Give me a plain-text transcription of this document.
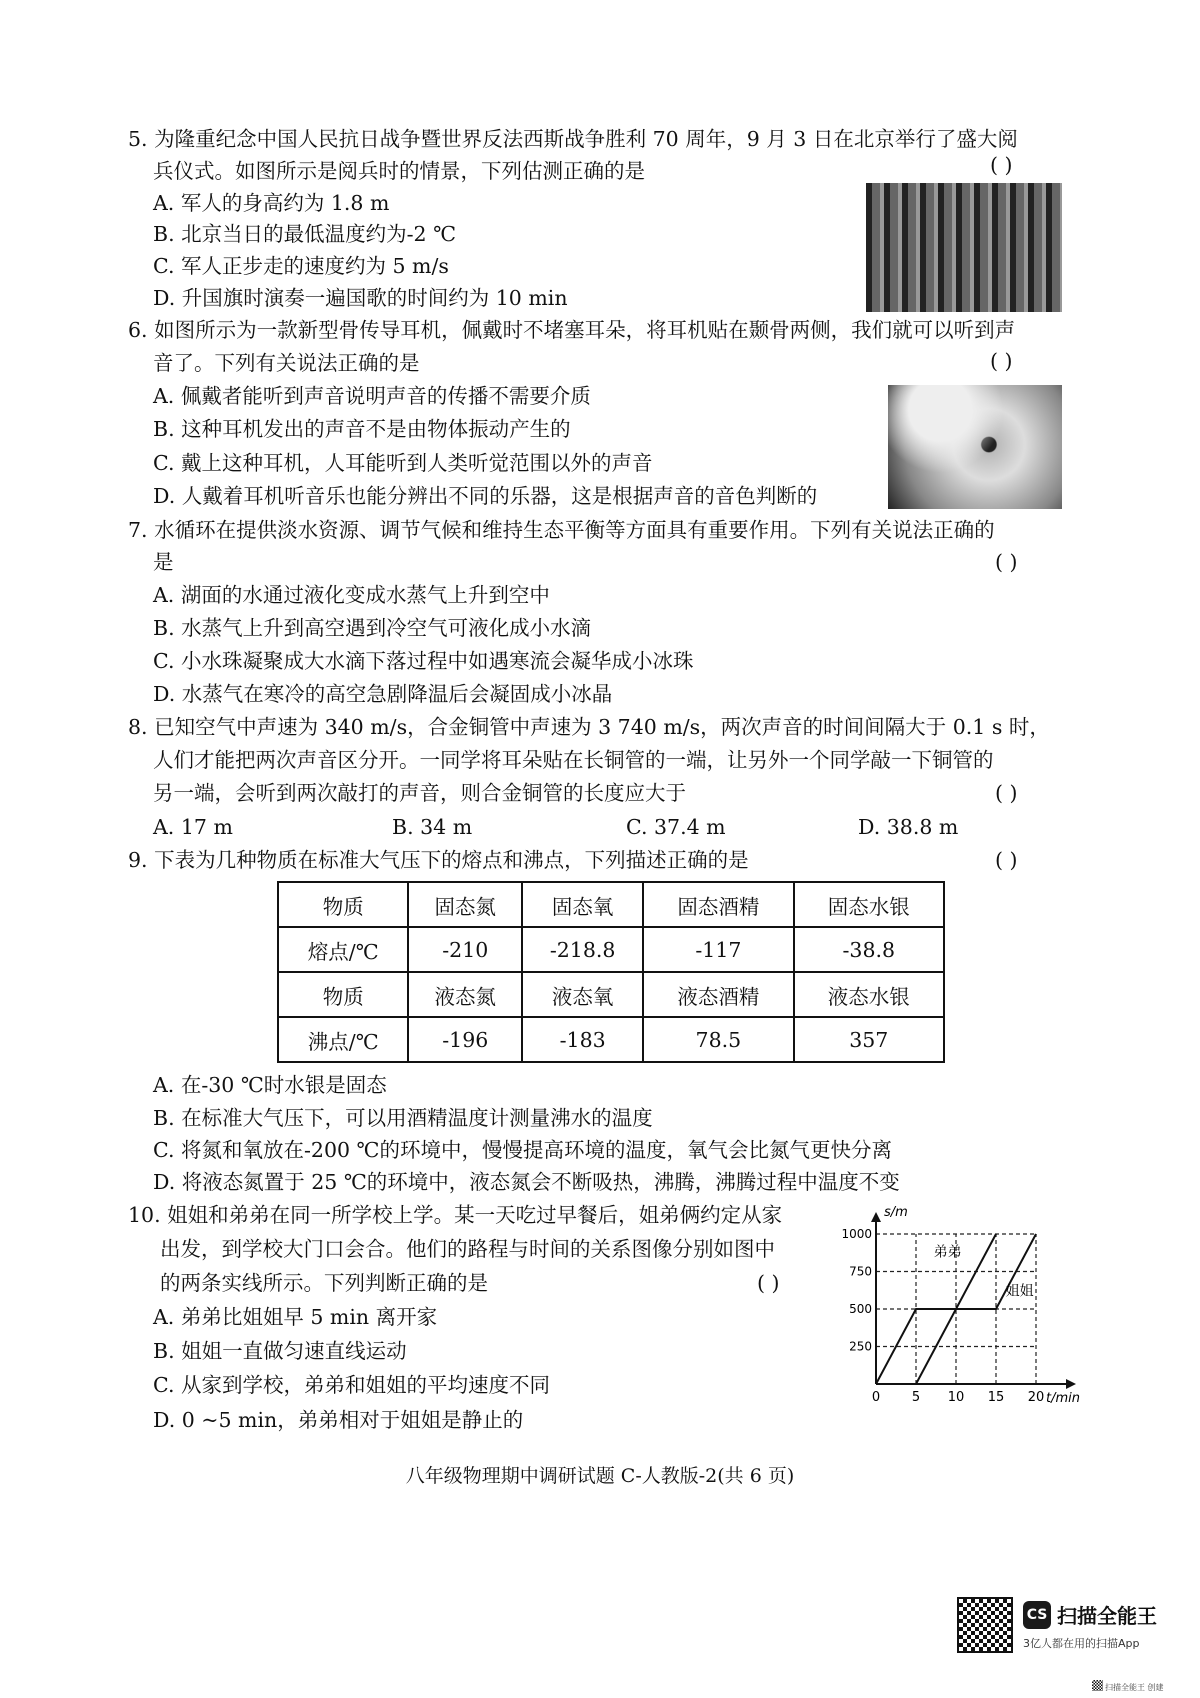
5. 为隆重纪念中国人民抗日战争暨世界反法西斯战争胜利 70 周年，9 月 3 日在北京举行了盛大阅
兵仪式。如图所示是阅兵时的情景，下列估测正确的是	( )
A. 军人的身高约为 1.8 m
B. 北京当日的最低温度约为-2 ℃
C. 军人正步走的速度约为 5 m/s
D. 升国旗时演奏一遍国歌的时间约为 10 min
6. 如图所示为一款新型骨传导耳机，佩戴时不堵塞耳朵，将耳机贴在颞骨两侧，我们就可以听到声
音了。下列有关说法正确的是	( )
A. 佩戴者能听到声音说明声音的传播不需要介质
B. 这种耳机发出的声音不是由物体振动产生的
C. 戴上这种耳机，人耳能听到人类听觉范围以外的声音
D. 人戴着耳机听音乐也能分辨出不同的乐器，这是根据声音的音色判断的
7. 水循环在提供淡水资源、调节气候和维持生态平衡等方面具有重要作用。下列有关说法正确的
是	( )
A. 湖面的水通过液化变成水蒸气上升到空中
B. 水蒸气上升到高空遇到冷空气可液化成小水滴
C. 小水珠凝聚成大水滴下落过程中如遇寒流会凝华成小冰珠
D. 水蒸气在寒冷的高空急剧降温后会凝固成小冰晶
8. 已知空气中声速为 340 m/s，合金铜管中声速为 3 740 m/s，两次声音的时间间隔大于 0.1 s 时，
人们才能把两次声音区分开。一同学将耳朵贴在长铜管的一端，让另外一个同学敲一下铜管的
另一端，会听到两次敲打的声音，则合金铜管的长度应大于	( )
A. 17 m	B. 34 m	C. 37.4 m	D. 38.8 m
9. 下表为几种物质在标准大气压下的熔点和沸点，下列描述正确的是	( )
物质	固态氮	固态氧	固态酒精	固态水银
熔点/℃	-210	-218.8	-117	-38.8
物质	液态氮	液态氧	液态酒精	液态水银
沸点/℃	-196	-183	78.5	357
A. 在-30 ℃时水银是固态
B. 在标准大气压下，可以用酒精温度计测量沸水的温度
C. 将氮和氧放在-200 ℃的环境中，慢慢提高环境的温度，氧气会比氮气更快分离
D. 将液态氮置于 25 ℃的环境中，液态氮会不断吸热，沸腾，沸腾过程中温度不变
10. 姐姐和弟弟在同一所学校上学。某一天吃过早餐后，姐弟俩约定从家
出发，到学校大门口会合。他们的路程与时间的关系图像分别如图中
的两条实线所示。下列判断正确的是	( )
A. 弟弟比姐姐早 5 min 离开家
B. 姐姐一直做匀速直线运动
C. 从家到学校，弟弟和姐姐的平均速度不同
D. 0 ~5 min，弟弟相对于姐姐是静止的
s/m
t/min
0 5 10 15 20
250
500
750
1000
弟弟
姐姐
八年级物理期中调研试题 C-人教版-2(共 6 页)
CS 扫描全能王
3亿人都在用的扫描App
扫描全能王 创建
